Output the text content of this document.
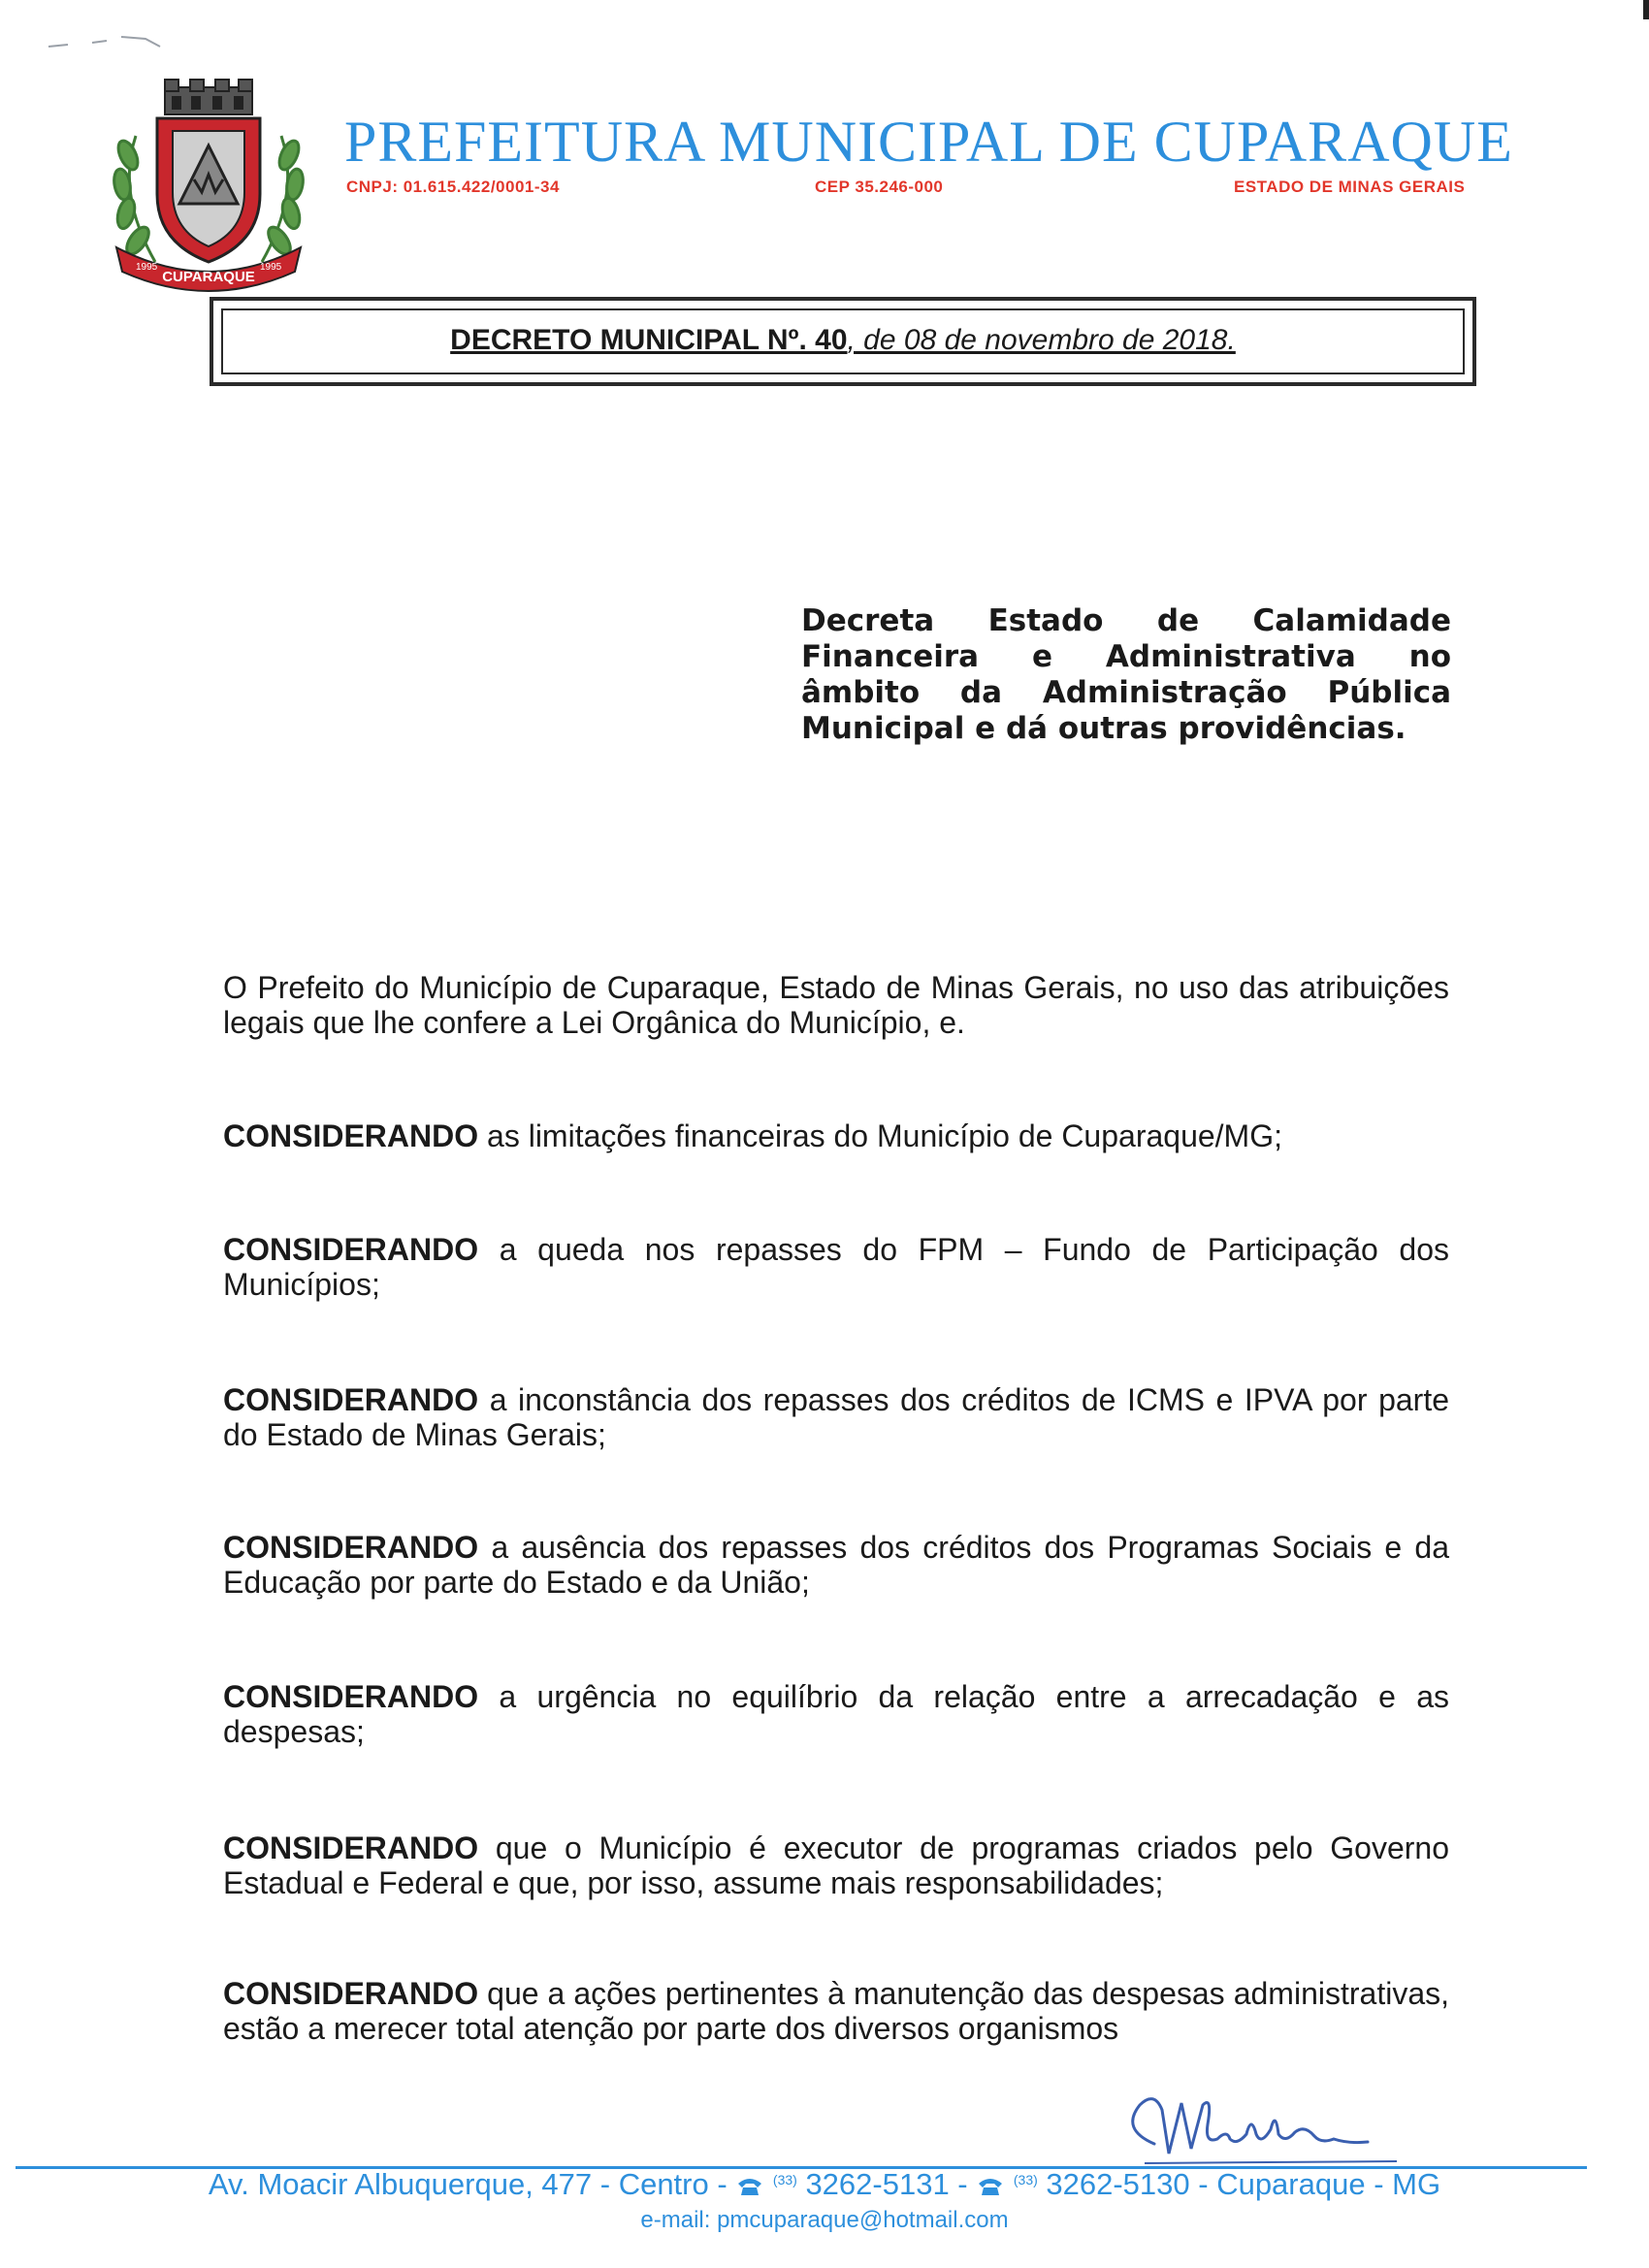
CUPARAQUE
1995	1995
PREFEITURA MUNICIPAL DE CUPARAQUE
CNPJ: 01.615.422/0001-34	CEP 35.246-000	ESTADO DE MINAS GERAIS
DECRETO MUNICIPAL Nº. 40, de 08 de novembro de 2018.
Decreta Estado de Calamidade Financeira e Administrativa no âmbito da Administração Pública Municipal e dá outras providências.
O Prefeito do Município de Cuparaque, Estado de Minas Gerais, no uso das atribuições legais que lhe confere a Lei Orgânica do Município, e.
CONSIDERANDO as limitações financeiras do Município de Cuparaque/MG;
CONSIDERANDO a queda nos repasses do FPM – Fundo de Participação dos Municípios;
CONSIDERANDO a inconstância dos repasses dos créditos de ICMS e IPVA por parte do Estado de Minas Gerais;
CONSIDERANDO a ausência dos repasses dos créditos dos Programas Sociais e da Educação por parte do Estado e da União;
CONSIDERANDO a urgência no equilíbrio da relação entre a arrecadação e as despesas;
CONSIDERANDO que o Município é executor de programas criados pelo Governo Estadual e Federal e que, por isso, assume mais responsabilidades;
CONSIDERANDO que a ações pertinentes à manutenção das despesas administrativas, estão a merecer total atenção por parte dos diversos organismos
Av. Moacir Albuquerque, 477 - Centro -	$^{(33)}$ 3262-5131 -	$^{(33)}$ 3262-5130 - Cuparaque - MG
e-mail: pmcuparaque@hotmail.com
